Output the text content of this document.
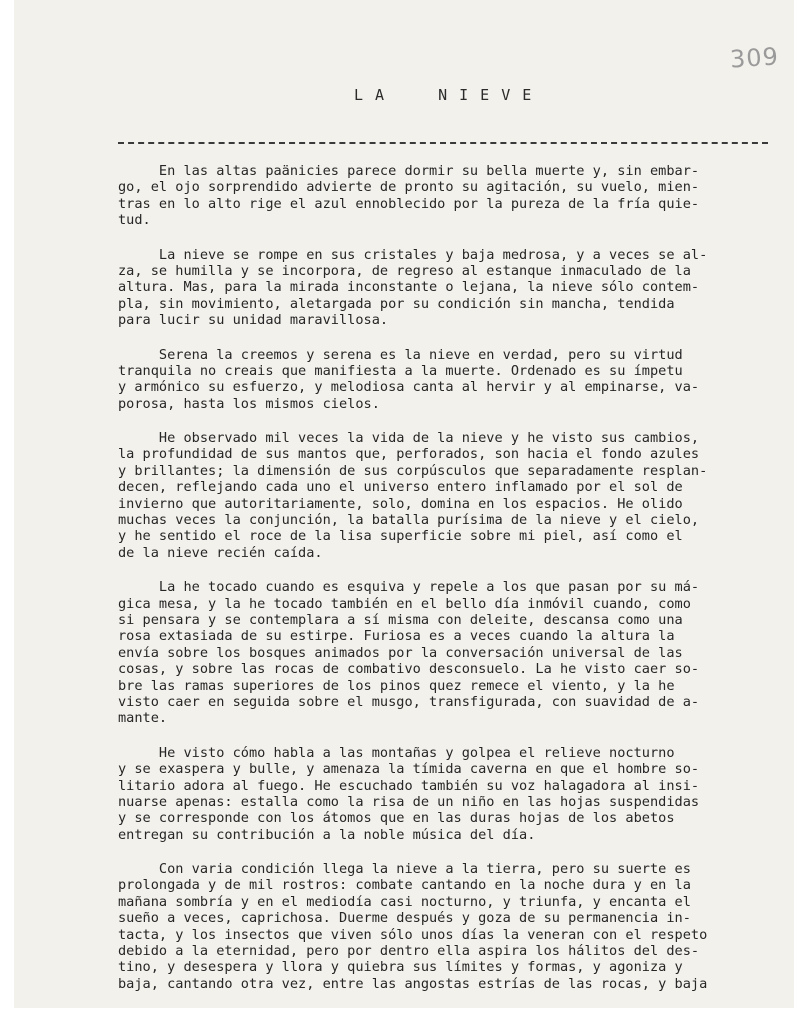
309
LA  NIEVE
En las altas paänicies parece dormir su bella muerte y, sin embar-
go, el ojo sorprendido advierte de pronto su agitación, su vuelo, mien-
tras en lo alto rige el azul ennoblecido por la pureza de la fría quie-
tud.
La nieve se rompe en sus cristales y baja medrosa, y a veces se al-
za, se humilla y se incorpora, de regreso al estanque inmaculado de la
altura. Mas, para la mirada inconstante o lejana, la nieve sólo contem-
pla, sin movimiento, aletargada por su condición sin mancha, tendida
para lucir su unidad maravillosa.
Serena la creemos y serena es la nieve en verdad, pero su virtud
tranquila no creais que manifiesta a la muerte. Ordenado es su ímpetu
y armónico su esfuerzo, y melodiosa canta al hervir y al empinarse, va-
porosa, hasta los mismos cielos.
He observado mil veces la vida de la nieve y he visto sus cambios,
la profundidad de sus mantos que, perforados, son hacia el fondo azules
y brillantes; la dimensión de sus corpúsculos que separadamente resplan-
decen, reflejando cada uno el universo entero inflamado por el sol de
invierno que autoritariamente, solo, domina en los espacios. He olido
muchas veces la conjunción, la batalla purísima de la nieve y el cielo,
y he sentido el roce de la lisa superficie sobre mi piel, así como el
de la nieve recién caída.
La he tocado cuando es esquiva y repele a los que pasan por su má-
gica mesa, y la he tocado también en el bello día inmóvil cuando, como
si pensara y se contemplara a sí misma con deleite, descansa como una
rosa extasiada de su estirpe. Furiosa es a veces cuando la altura la
envía sobre los bosques animados por la conversación universal de las
cosas, y sobre las rocas de combativo desconsuelo. La he visto caer so-
bre las ramas superiores de los pinos quez remece el viento, y la he
visto caer en seguida sobre el musgo, transfigurada, con suavidad de a-
mante.
He visto cómo habla a las montañas y golpea el relieve nocturno
y se exaspera y bulle, y amenaza la tímida caverna en que el hombre so-
litario adora al fuego. He escuchado también su voz halagadora al insi-
nuarse apenas: estalla como la risa de un niño en las hojas suspendidas
y se corresponde con los átomos que en las duras hojas de los abetos
entregan su contribución a la noble música del día.
Con varia condición llega la nieve a la tierra, pero su suerte es
prolongada y de mil rostros: combate cantando en la noche dura y en la
mañana sombría y en el mediodía casi nocturno, y triunfa, y encanta el
sueño a veces, caprichosa. Duerme después y goza de su permanencia in-
tacta, y los insectos que viven sólo unos días la veneran con el respeto
debido a la eternidad, pero por dentro ella aspira los hálitos del des-
tino, y desespera y llora y quiebra sus límites y formas, y agoniza y
baja, cantando otra vez, entre las angostas estrías de las rocas, y baja
